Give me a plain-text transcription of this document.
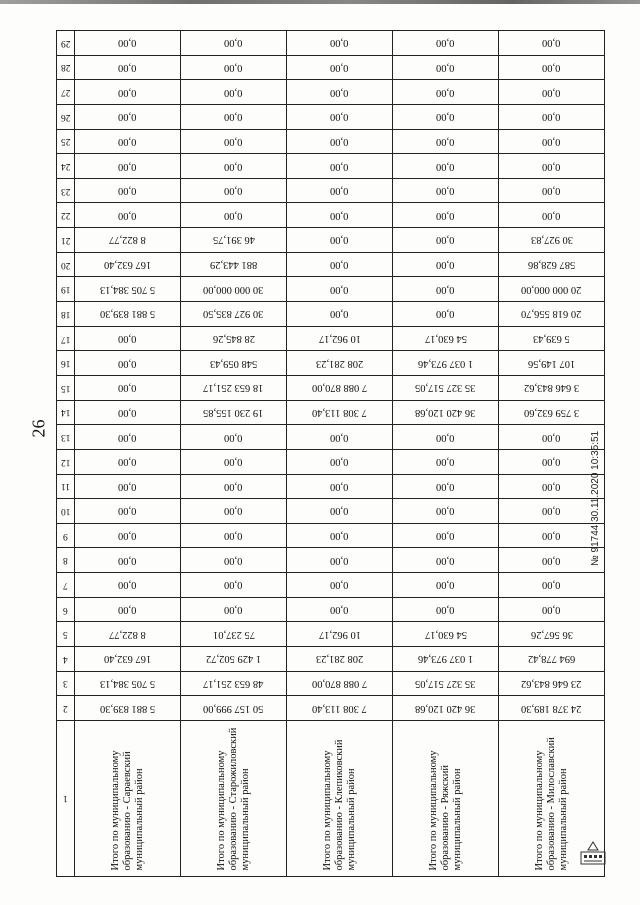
26
29	0,00	0,00	0,00	0,00	0,00
28	0,00	0,00	0,00	0,00	0,00
27	0,00	0,00	0,00	0,00	0,00
26	0,00	0,00	0,00	0,00	0,00
25	0,00	0,00	0,00	0,00	0,00
24	0,00	0,00	0,00	0,00	0,00
23	0,00	0,00	0,00	0,00	0,00
22	0,00	0,00	0,00	0,00	0,00
21	8 822,77	46 391,75	0,00	0,00	30 927,83
20	167 632,40	881 443,29	0,00	0,00	587 628,86
19	5 705 384,13	30 000 000,00	0,00	0,00	20 000 000,00
18	5 881 839,30	30 927 835,50	0,00	0,00	20 618 556,70
17	0,00	28 845,26	10 962,17	54 630,17	5 639,43
16	0,00	548 059,43	208 281,23	1 037 973,46	107 149,56
15	0,00	18 653 251,17	7 088 870,00	35 327 517,05	3 646 843,62
14	0,00	19 230 155,85	7 308 113,40	36 420 120,68	3 759 632,60
13	0,00	0,00	0,00	0,00	0,00
12	0,00	0,00	0,00	0,00	0,00
11	0,00	0,00	0,00	0,00	0,00
10	0,00	0,00	0,00	0,00	0,00
9	0,00	0,00	0,00	0,00	0,00
8	0,00	0,00	0,00	0,00	0,00
7	0,00	0,00	0,00	0,00	0,00
6	0,00	0,00	0,00	0,00	0,00
5	8 822,77	75 237,01	10 962,17	54 630,17	36 567,26
4	167 632,40	1 429 502,72	208 281,23	1 037 973,46	694 778,42
3	5 705 384,13	48 653 251,17	7 088 870,00	35 327 517,05	23 646 843,62
2	5 881 839,30	50 157 999,00	7 308 113,40	36 420 120,68	24 378 189,30
1	Итого по муниципальному образованию - Сараевский муниципальный район	Итого по муниципальному образованию - Старожиловский муниципальный район	Итого по муниципальному образованию - Клепиковский муниципальный район	Итого по муниципальному образованию - Ряжский муниципальный район	Итого по муниципальному образованию - Милославский муниципальный район
№ 91744 30.11.2020 10:35:51
